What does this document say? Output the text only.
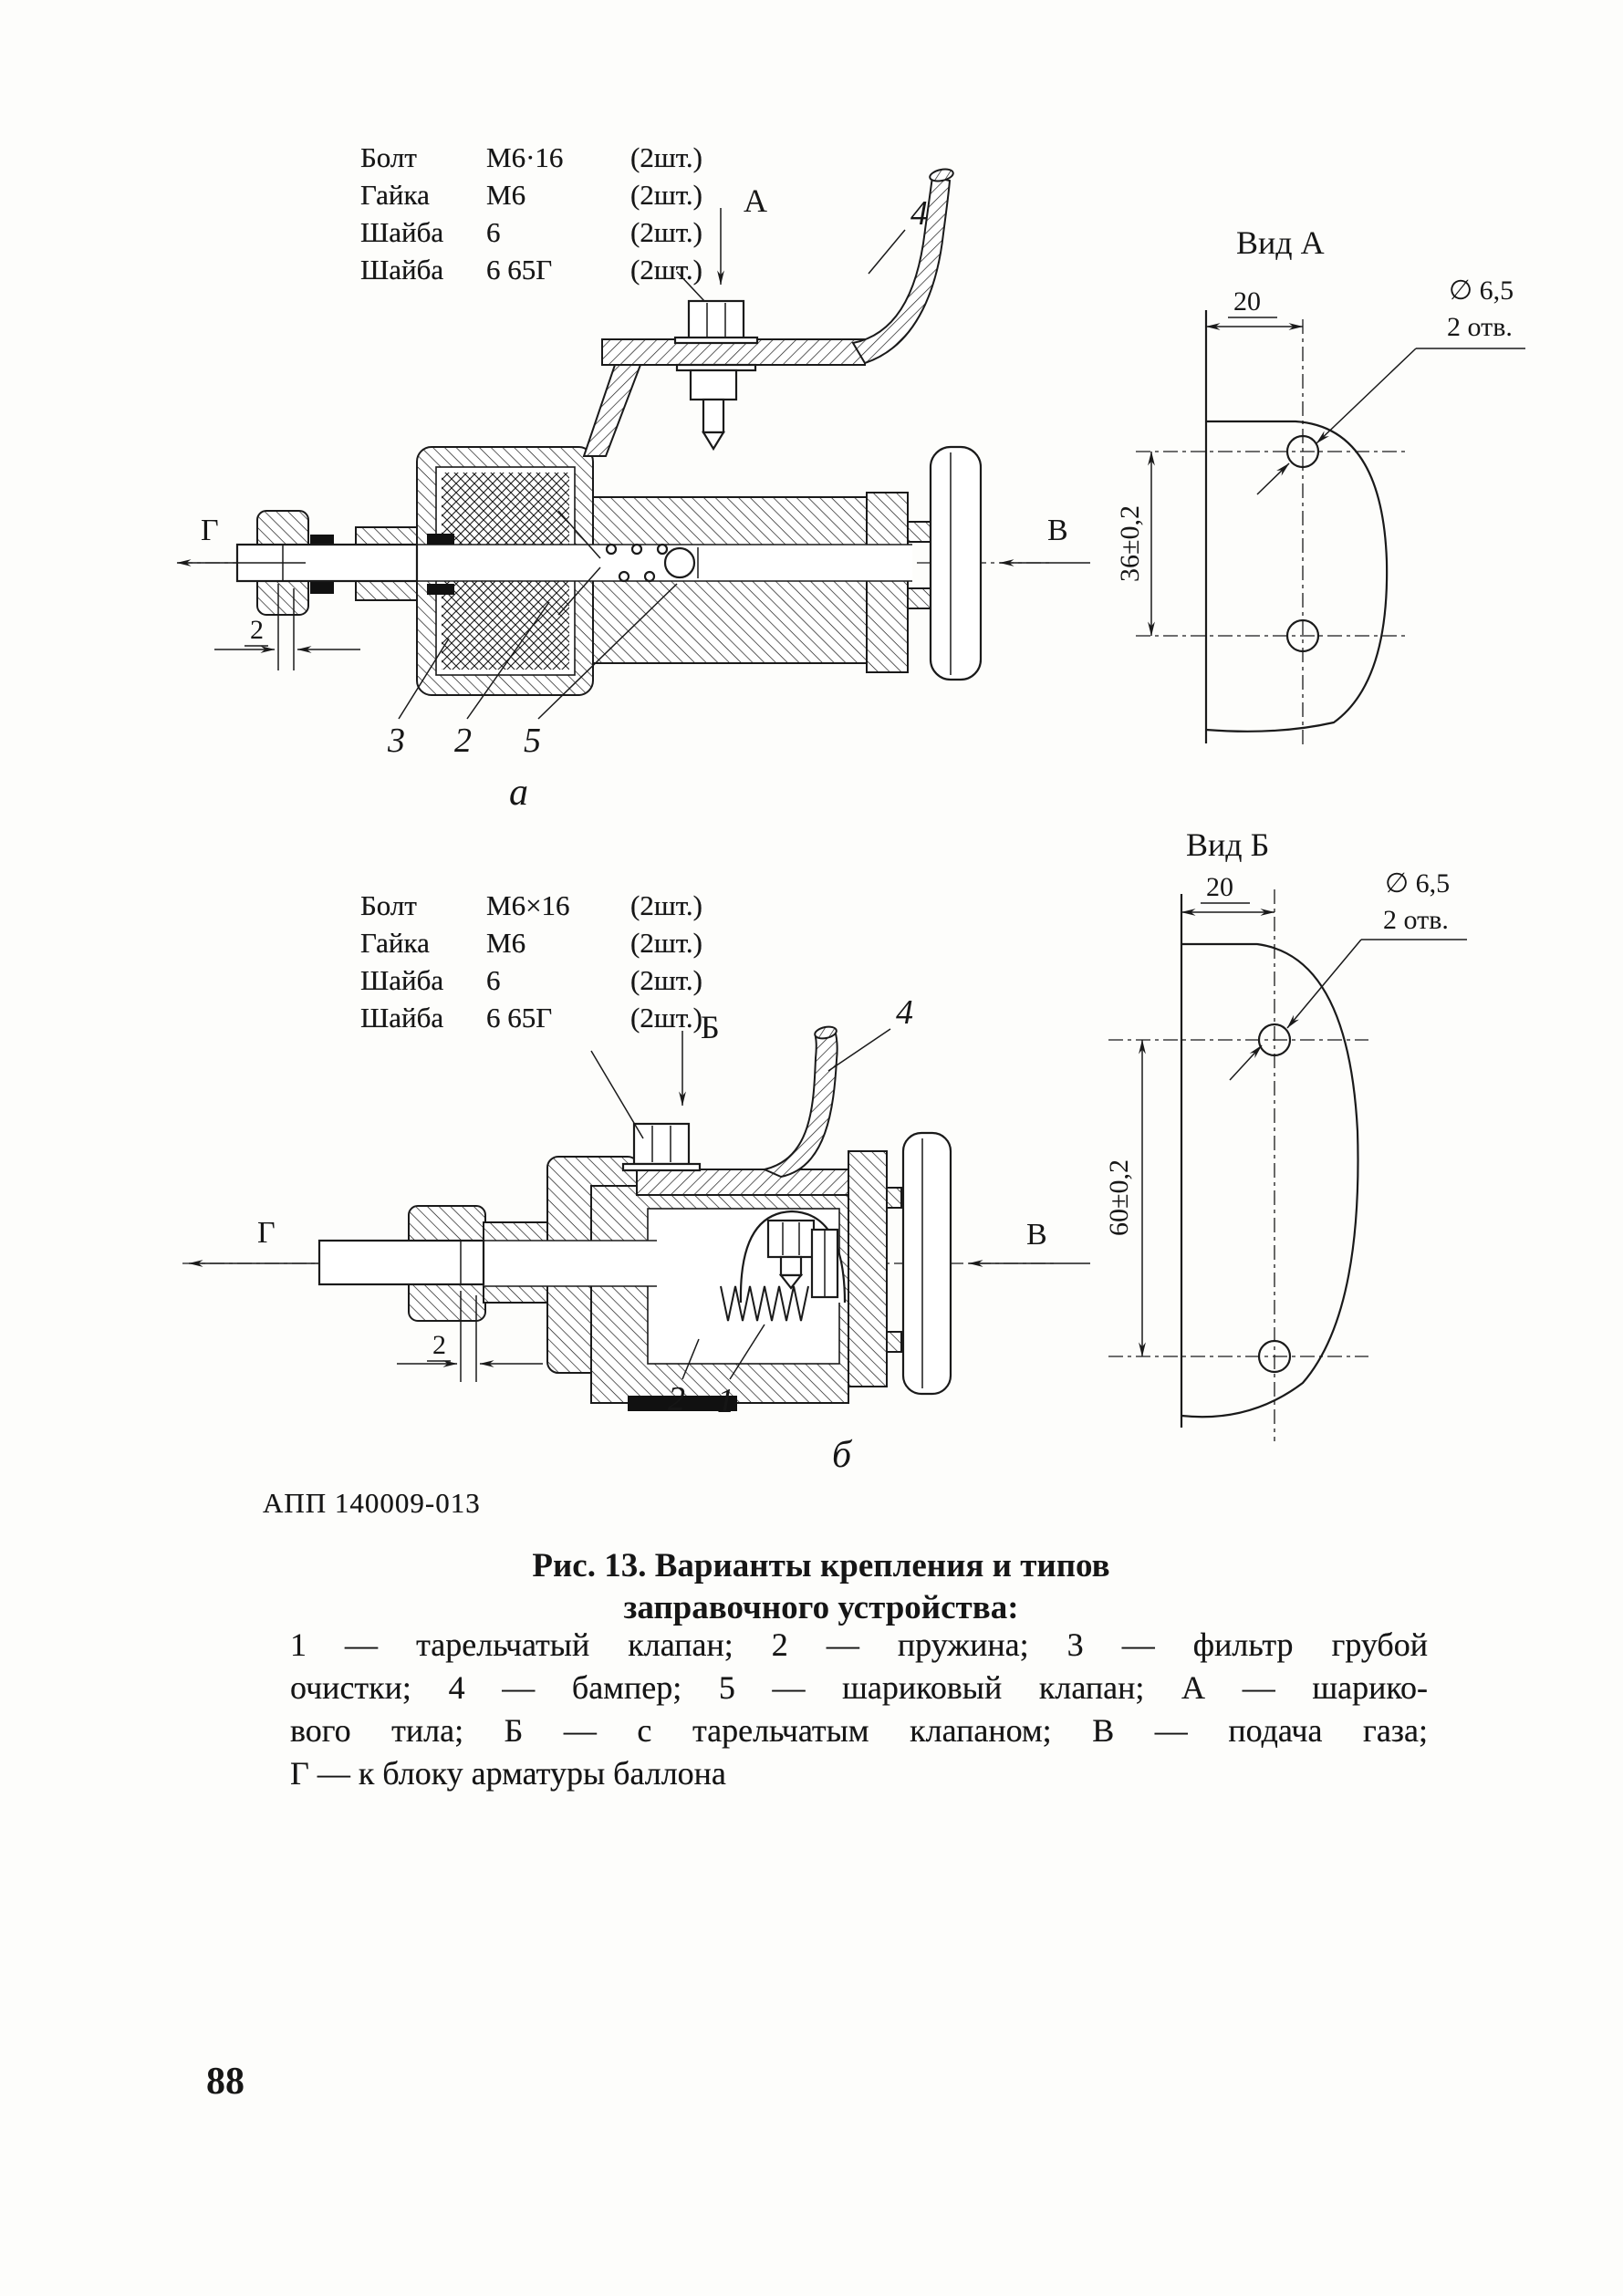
Болт	М6·16	(2шт.)
Гайка	М6	(2шт.)
Шайба	6	(2шт.)
Шайба	6 65Г	(2шт.)
А
Г	В
4
2
3 2 5
а
Вид А
20
36±0,2
∅ 6,5
2 отв.
Болт	М6×16	(2шт.)
Гайка	М6	(2шт.)
Шайба	6	(2шт.)
Шайба	6 65Г	(2шт.)
Б
Г	В
4
2
2 1
б
Вид Б
20
60±0,2
∅ 6,5
2 отв.
АПП 140009-013
Рис. 13. Варианты крепления и типов
заправочного устройства:
1 — тарельчатый клапан; 2 — пружина; 3 — фильтр грубой
очистки; 4 — бампер; 5 — шариковый клапан; А — шарико-
вого тила; Б — с тарельчатым клапаном; В — подача газа;
Г — к блоку арматуры баллона
88
